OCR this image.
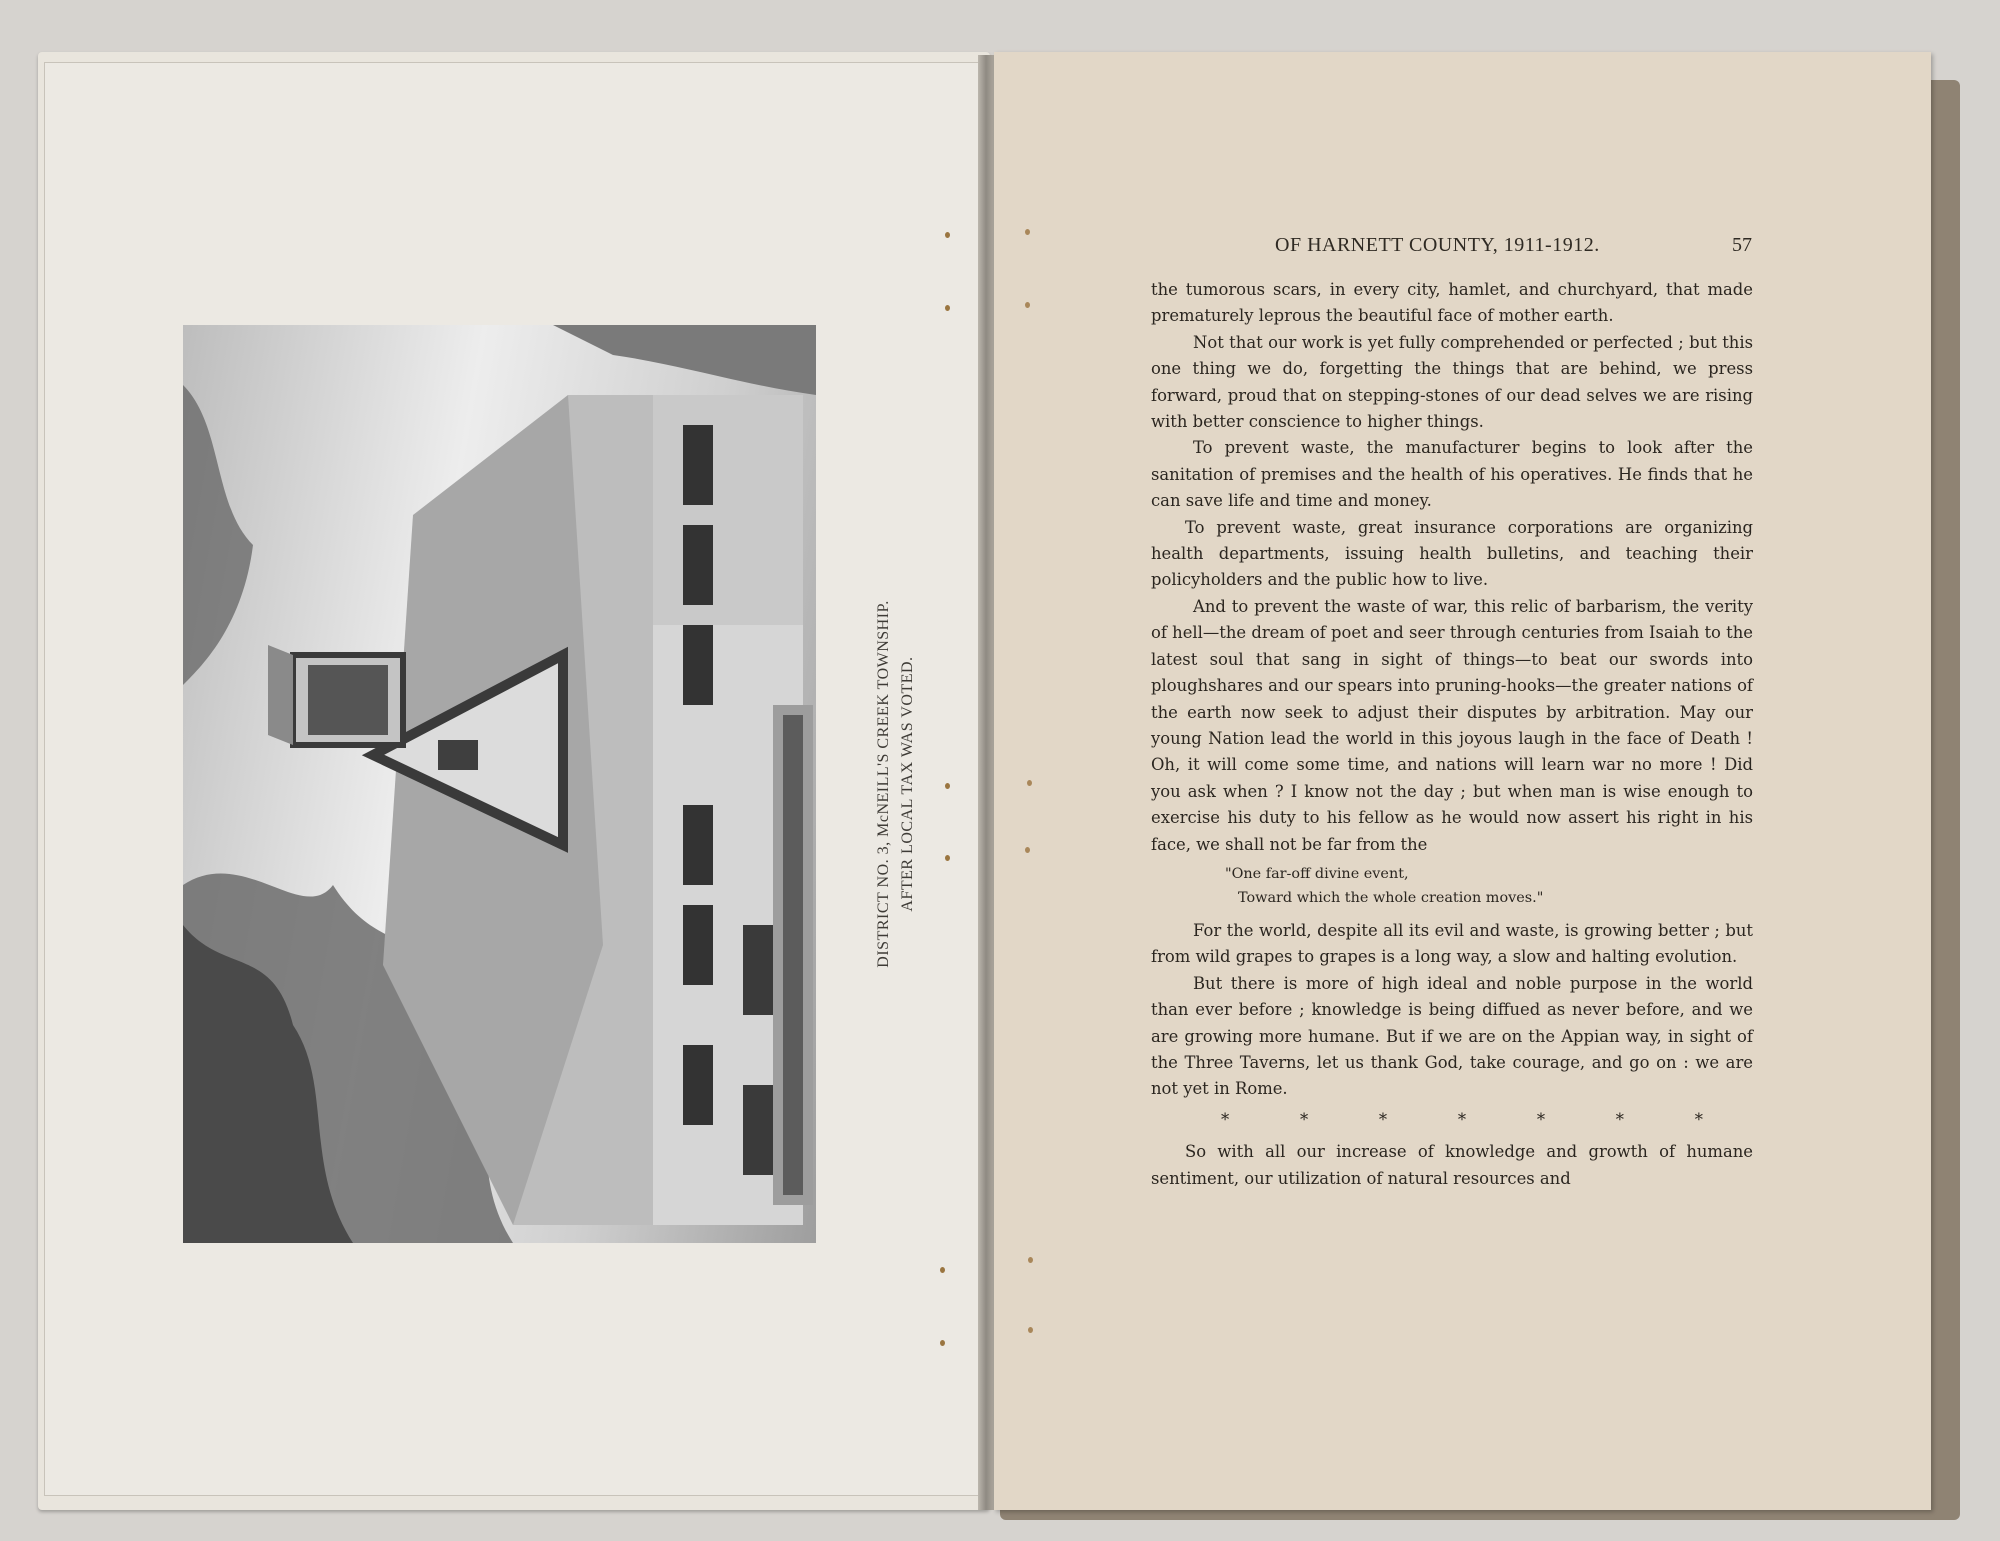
DISTRICT NO. 3, McNEILL'S CREEK TOWNSHIP. AFTER LOCAL TAX WAS VOTED.
OF HARNETT COUNTY, 1911-1912.	57

the tumorous scars, in every city, hamlet, and churchyard, that made prematurely leprous the beautiful face of mother earth.

Not that our work is yet fully comprehended or perfected ; but this one thing we do, forgetting the things that are behind, we press forward, proud that on stepping-stones of our dead selves we are rising with better conscience to higher things.

To prevent waste, the manufacturer begins to look after the sanitation of premises and the health of his operatives. He finds that he can save life and time and money.

To prevent waste, great insurance corporations are organizing health departments, issuing health bulletins, and teaching their policyholders and the public how to live.

And to prevent the waste of war, this relic of barbarism, the verity of hell—the dream of poet and seer through centuries from Isaiah to the latest soul that sang in sight of things—to beat our swords into ploughshares and our spears into pruning-hooks—the greater nations of the earth now seek to adjust their disputes by arbitration. May our young Nation lead the world in this joyous laugh in the face of Death ! Oh, it will come some time, and nations will learn war no more ! Did you ask when ? I know not the day ; but when man is wise enough to exercise his duty to his fellow as he would now assert his right in his face, we shall not be far from the

"One far-off divine event,
Toward which the whole creation moves."

For the world, despite all its evil and waste, is growing better ; but from wild grapes to grapes is a long way, a slow and halting evolution.

But there is more of high ideal and noble purpose in the world than ever before ; knowledge is being diffued as never before, and we are growing more humane. But if we are on the Appian way, in sight of the Three Taverns, let us thank God, take courage, and go on : we are not yet in Rome.

*	*	*	*	*	*	*

So with all our increase of knowledge and growth of humane sentiment, our utilization of natural resources and
